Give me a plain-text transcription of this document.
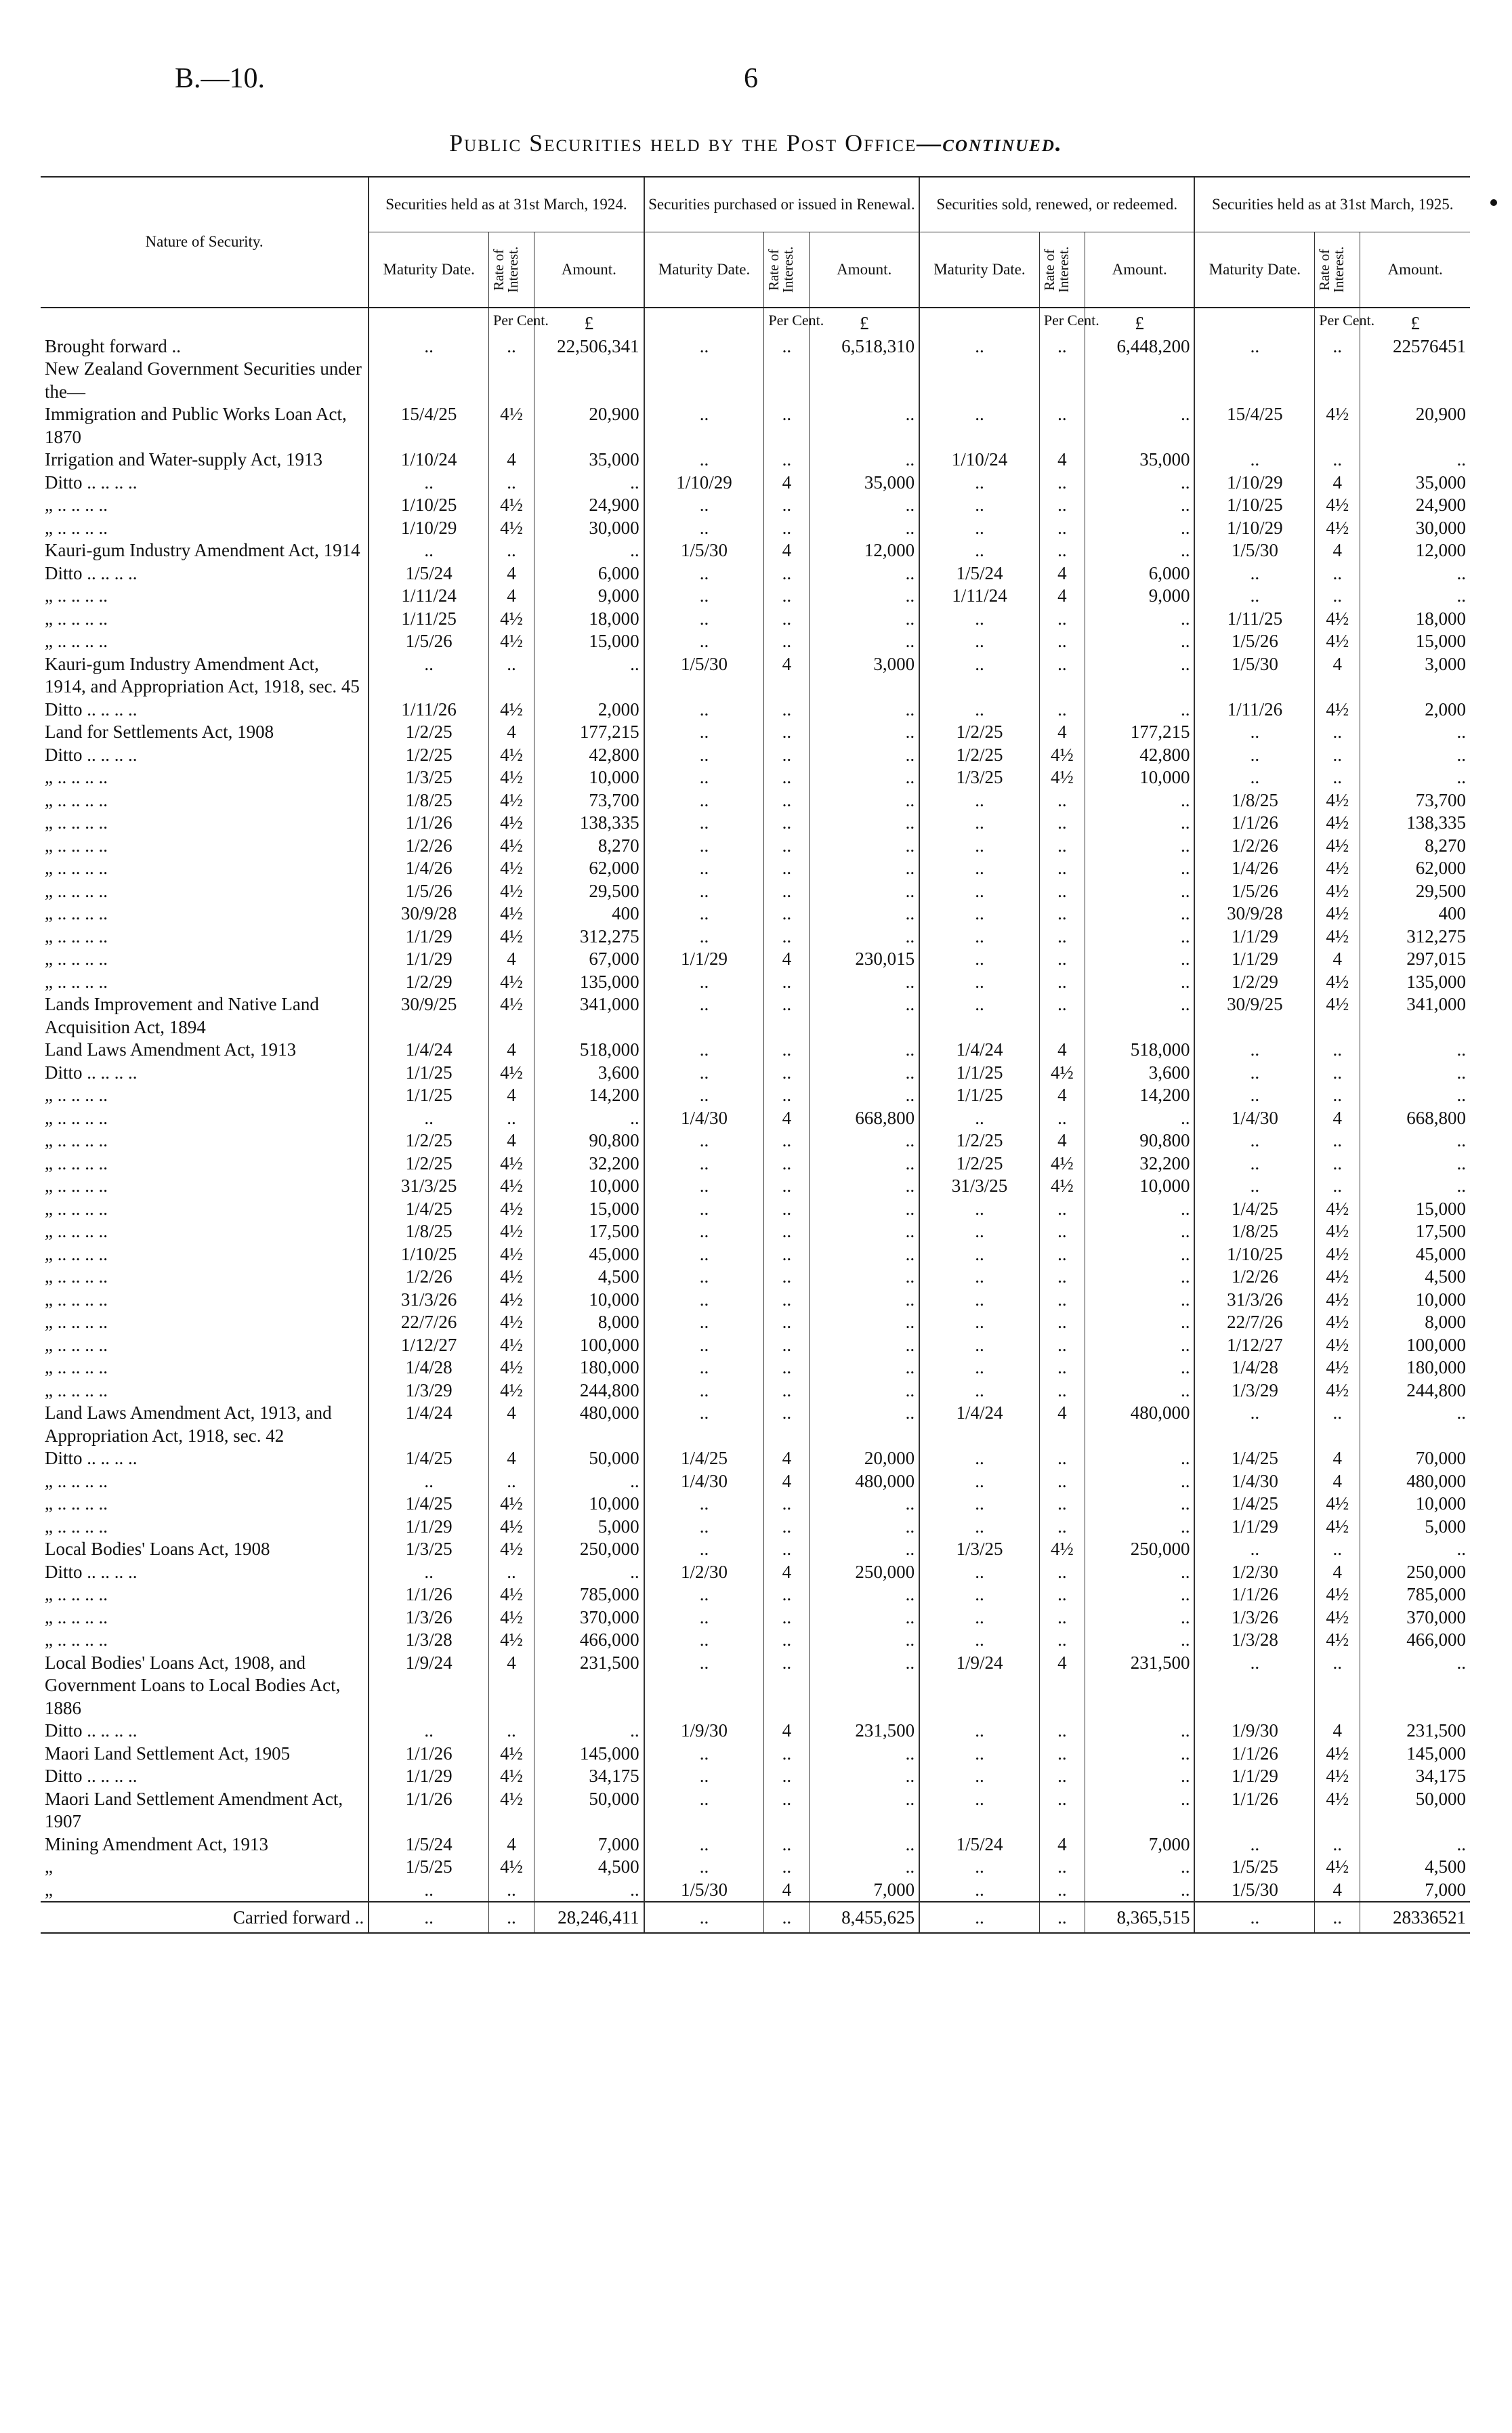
B.—10.	6
Public Securities held by the Post Office—continued.
Nature of Security.	Securities held as at 31st March, 1924.			Securities purchased or issued in Renewal.			Securities sold, renewed, or redeemed.			Securities held as at 31st March, 1925.		
	Maturity Date.	Rate of Interest.	Amount.	Maturity Date.	Rate of Interest.	Amount.	Maturity Date.	Rate of Interest.	Amount.	Maturity Date.	Rate of Interest.	Amount.
		Per Cent.	£		Per Cent.	£		Per Cent.	£		Per Cent.	£
Brought forward ..	..	..	22,506,341	..	..	6,518,310	..	..	6,448,200	..	..	22576451
New Zealand Government Securities under the—												
Immigration and Public Works Loan Act, 1870	15/4/25	4½	20,900	..	..	..	..	..	..	15/4/25	4½	20,900
Irrigation and Water-supply Act, 1913	1/10/24	4	35,000	..	..	..	1/10/24	4	35,000	..	..	..
Ditto .. .. .. ..	..	..	..	1/10/29	4	35,000	..	..	..	1/10/29	4	35,000
„ .. .. .. ..	1/10/25	4½	24,900	..	..	..	..	..	..	1/10/25	4½	24,900
„ .. .. .. ..	1/10/29	4½	30,000	..	..	..	..	..	..	1/10/29	4½	30,000
Kauri-gum Industry Amendment Act, 1914	..	..	..	1/5/30	4	12,000	..	..	..	1/5/30	4	12,000
Ditto .. .. .. ..	1/5/24	4	6,000	..	..	..	1/5/24	4	6,000	..	..	..
„ .. .. .. ..	1/11/24	4	9,000	..	..	..	1/11/24	4	9,000	..	..	..
„ .. .. .. ..	1/11/25	4½	18,000	..	..	..	..	..	..	1/11/25	4½	18,000
„ .. .. .. ..	1/5/26	4½	15,000	..	..	..	..	..	..	1/5/26	4½	15,000
Kauri-gum Industry Amendment Act, 1914, and Appropriation Act, 1918, sec. 45	..	..	..	1/5/30	4	3,000	..	..	..	1/5/30	4	3,000
Ditto .. .. .. ..	1/11/26	4½	2,000	..	..	..	..	..	..	1/11/26	4½	2,000
Land for Settlements Act, 1908	1/2/25	4	177,215	..	..	..	1/2/25	4	177,215	..	..	..
Ditto .. .. .. ..	1/2/25	4½	42,800	..	..	..	1/2/25	4½	42,800	..	..	..
„ .. .. .. ..	1/3/25	4½	10,000	..	..	..	1/3/25	4½	10,000	..	..	..
„ .. .. .. ..	1/8/25	4½	73,700	..	..	..	..	..	..	1/8/25	4½	73,700
„ .. .. .. ..	1/1/26	4½	138,335	..	..	..	..	..	..	1/1/26	4½	138,335
„ .. .. .. ..	1/2/26	4½	8,270	..	..	..	..	..	..	1/2/26	4½	8,270
„ .. .. .. ..	1/4/26	4½	62,000	..	..	..	..	..	..	1/4/26	4½	62,000
„ .. .. .. ..	1/5/26	4½	29,500	..	..	..	..	..	..	1/5/26	4½	29,500
„ .. .. .. ..	30/9/28	4½	400	..	..	..	..	..	..	30/9/28	4½	400
„ .. .. .. ..	1/1/29	4½	312,275	..	..	..	..	..	..	1/1/29	4½	312,275
„ .. .. .. ..	1/1/29	4	67,000	1/1/29	4	230,015	..	..	..	1/1/29	4	297,015
„ .. .. .. ..	1/2/29	4½	135,000	..	..	..	..	..	..	1/2/29	4½	135,000
Lands Improvement and Native Land Acquisition Act, 1894	30/9/25	4½	341,000	..	..	..	..	..	..	30/9/25	4½	341,000
Land Laws Amendment Act, 1913	1/4/24	4	518,000	..	..	..	1/4/24	4	518,000	..	..	..
Ditto .. .. .. ..	1/1/25	4½	3,600	..	..	..	1/1/25	4½	3,600	..	..	..
„ .. .. .. ..	1/1/25	4	14,200	..	..	..	1/1/25	4	14,200	..	..	..
„ .. .. .. ..	..	..	..	1/4/30	4	668,800	..	..	..	1/4/30	4	668,800
„ .. .. .. ..	1/2/25	4	90,800	..	..	..	1/2/25	4	90,800	..	..	..
„ .. .. .. ..	1/2/25	4½	32,200	..	..	..	1/2/25	4½	32,200	..	..	..
„ .. .. .. ..	31/3/25	4½	10,000	..	..	..	31/3/25	4½	10,000	..	..	..
„ .. .. .. ..	1/4/25	4½	15,000	..	..	..	..	..	..	1/4/25	4½	15,000
„ .. .. .. ..	1/8/25	4½	17,500	..	..	..	..	..	..	1/8/25	4½	17,500
„ .. .. .. ..	1/10/25	4½	45,000	..	..	..	..	..	..	1/10/25	4½	45,000
„ .. .. .. ..	1/2/26	4½	4,500	..	..	..	..	..	..	1/2/26	4½	4,500
„ .. .. .. ..	31/3/26	4½	10,000	..	..	..	..	..	..	31/3/26	4½	10,000
„ .. .. .. ..	22/7/26	4½	8,000	..	..	..	..	..	..	22/7/26	4½	8,000
„ .. .. .. ..	1/12/27	4½	100,000	..	..	..	..	..	..	1/12/27	4½	100,000
„ .. .. .. ..	1/4/28	4½	180,000	..	..	..	..	..	..	1/4/28	4½	180,000
„ .. .. .. ..	1/3/29	4½	244,800	..	..	..	..	..	..	1/3/29	4½	244,800
Land Laws Amendment Act, 1913, and Appropriation Act, 1918, sec. 42	1/4/24	4	480,000	..	..	..	1/4/24	4	480,000	..	..	..
Ditto .. .. .. ..	1/4/25	4	50,000	1/4/25	4	20,000	..	..	..	1/4/25	4	70,000
„ .. .. .. ..	..	..	..	1/4/30	4	480,000	..	..	..	1/4/30	4	480,000
„ .. .. .. ..	1/4/25	4½	10,000	..	..	..	..	..	..	1/4/25	4½	10,000
„ .. .. .. ..	1/1/29	4½	5,000	..	..	..	..	..	..	1/1/29	4½	5,000
Local Bodies' Loans Act, 1908	1/3/25	4½	250,000	..	..	..	1/3/25	4½	250,000	..	..	..
Ditto .. .. .. ..	..	..	..	1/2/30	4	250,000	..	..	..	1/2/30	4	250,000
„ .. .. .. ..	1/1/26	4½	785,000	..	..	..	..	..	..	1/1/26	4½	785,000
„ .. .. .. ..	1/3/26	4½	370,000	..	..	..	..	..	..	1/3/26	4½	370,000
„ .. .. .. ..	1/3/28	4½	466,000	..	..	..	..	..	..	1/3/28	4½	466,000
Local Bodies' Loans Act, 1908, and Government Loans to Local Bodies Act, 1886	1/9/24	4	231,500	..	..	..	1/9/24	4	231,500	..	..	..
Ditto .. .. .. ..	..	..	..	1/9/30	4	231,500	..	..	..	1/9/30	4	231,500
Maori Land Settlement Act, 1905	1/1/26	4½	145,000	..	..	..	..	..	..	1/1/26	4½	145,000
Ditto .. .. .. ..	1/1/29	4½	34,175	..	..	..	..	..	..	1/1/29	4½	34,175
Maori Land Settlement Amendment Act, 1907	1/1/26	4½	50,000	..	..	..	..	..	..	1/1/26	4½	50,000
Mining Amendment Act, 1913	1/5/24	4	7,000	..	..	..	1/5/24	4	7,000	..	..	..
„	1/5/25	4½	4,500	..	..	..	..	..	..	1/5/25	4½	4,500
„	..	..	..	1/5/30	4	7,000	..	..	..	1/5/30	4	7,000
Carried forward ..	..	..	28,246,411	..	..	8,455,625	..	..	8,365,515	..	..	28336521
